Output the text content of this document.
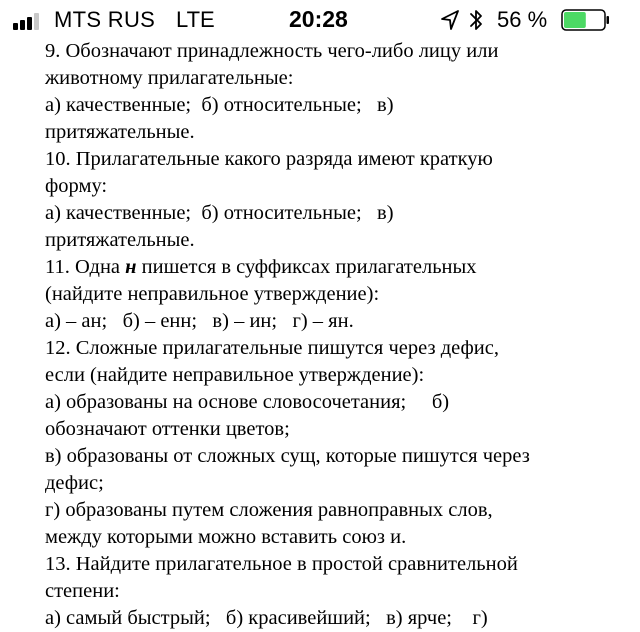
MTS RUS LTE	20:28	56 %
9. Обозначают принадлежность чего-либо лицу или
животному прилагательные:
а) качественные;  б) относительные;   в)
притяжательные.
10. Прилагательные какого разряда имеют краткую
форму:
а) качественные;  б) относительные;   в)
притяжательные.
11. Одна н пишется в суффиксах прилагательных
(найдите неправильное утверждение):
а) – ан;   б) – енн;   в) – ин;   г) – ян.
12. Сложные прилагательные пишутся через дефис,
если (найдите неправильное утверждение):
а) образованы на основе словосочетания;     б)
обозначают оттенки цветов;
в) образованы от сложных сущ, которые пишутся через
дефис;
г) образованы путем сложения равноправных слов,
между которыми можно вставить союз и.
13. Найдите прилагательное в простой сравнительной
степени:
а) самый быстрый;   б) красивейший;   в) ярче;    г)
